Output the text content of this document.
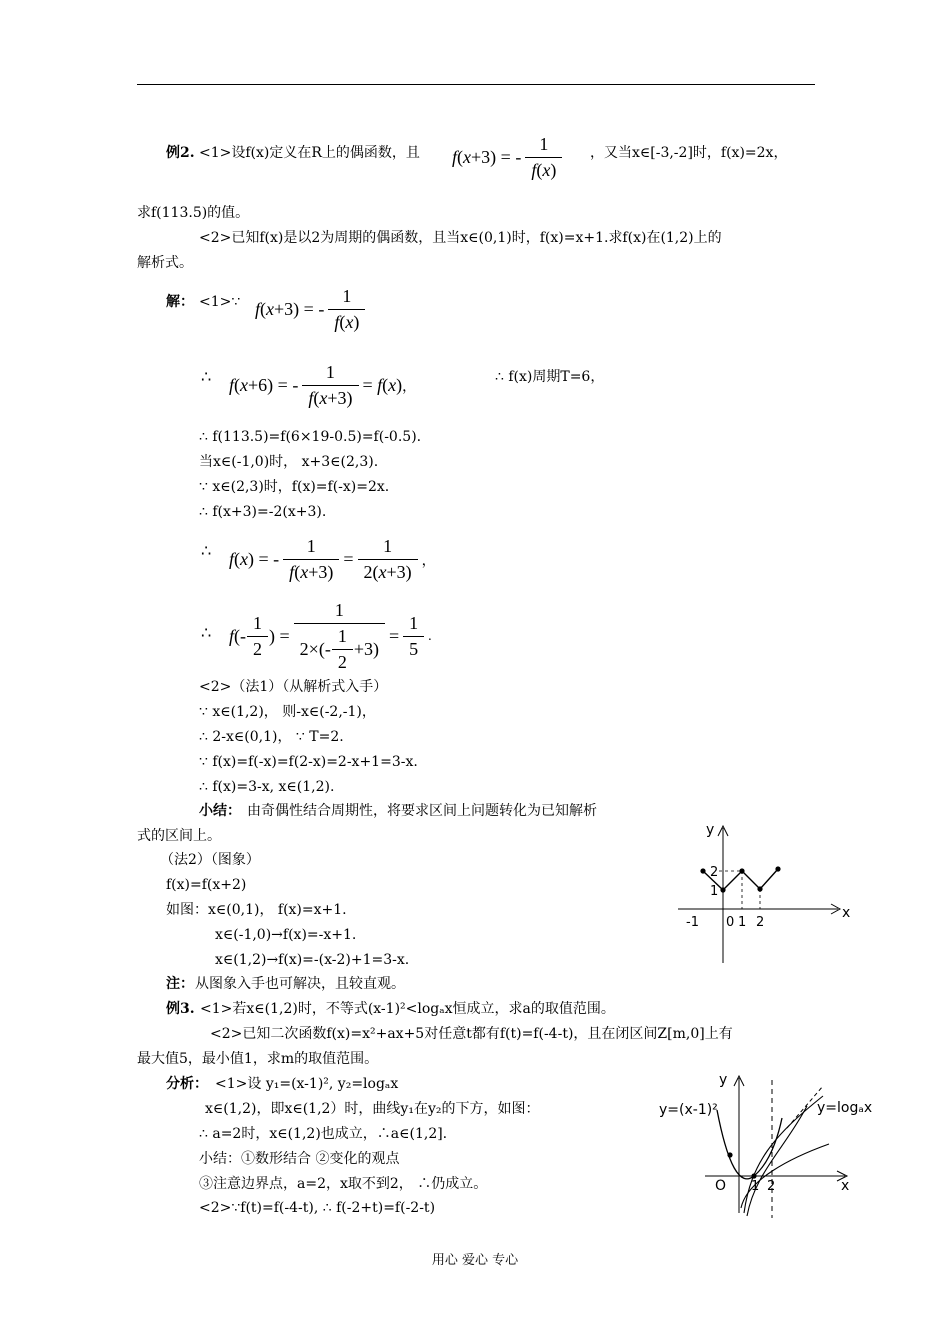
例2. <1>设f(x)定义在R上的偶函数，且 f ( x +3) = - $\frac{1}{f(x)}$ ，又当x∈[-3,-2]时，f(x)=2x，
求f(113.5)的值。
<2>已知f(x)是以2为周期的偶函数，且当x∈(0,1)时，f(x)=x+1.求f(x)在(1,2)上的
解析式。
解： <1>∵ f ( x +3) = - $\frac{1}{f(x)}$
∴ f ( x +6) = - $\frac{1}{f(x+3)}$ =
f ( x ) ，
∴ f(x)周期T=6，
∴ f(113.5)=f(6×19-0.5)=f(-0.5).
当x∈(-1,0)时， x+3∈(2,3).
∵ x∈(2,3)时，f(x)=f(-x)=2x.
∴ f(x+3)=-2(x+3).
∴ f ( x ) = - $\frac{1}{f(x+3)} = \frac{1}{2(x+3)}$ ，
∴ f (- $\frac{1}{2}$ ) = $\frac{1}{2\times(- \frac{1}{2} +3)} = \frac{1}{5}$ .
<2>（法1）（从解析式入手）
∵ x∈(1,2)， 则-x∈(-2,-1)，
∴ 2-x∈(0,1)， ∵ T=2.
∵ f(x)=f(-x)=f(2-x)=2-x+1=3-x.
∴ f(x)=3-x, x∈(1,2).
小结： 由奇偶性结合周期性，将要求区间上问题转化为已知解析
式的区间上。
（法2）（图象）
f(x)=f(x+2)
如图：x∈(0,1)， f(x)=x+1.
x∈(-1,0)→f(x)=-x+1.
x∈(1,2)→f(x)=-(x-2)+1=3-x.
注： 从图象入手也可解决，且较直观。
y
x
2
1
-1 0 1 2
例3. <1>若x∈(1,2)时，不等式(x-1)²<logₐx恒成立，求a的取值范围。
<2>已知二次函数f(x)=x²+ax+5对任意t都有f(t)=f(-4-t)，且在闭区间Z[m,0]上有
最大值5，最小值1，求m的取值范围。
分析： <1>设 y₁=(x-1)², y₂=logₐx
x∈(1,2)，即x∈(1,2）时，曲线y₁在y₂的下方，如图：
∴ a=2时，x∈(1,2)也成立，∴a∈(1,2].
小结：①数形结合 ②变化的观点
③注意边界点，a=2，x取不到2， ∴仍成立。
<2>∵f(t)=f(-4-t), ∴ f(-2+t)=f(-2-t)
y
x
O 1 2
y=(x-1)²	y=logₐx
用心 爱心 专心
